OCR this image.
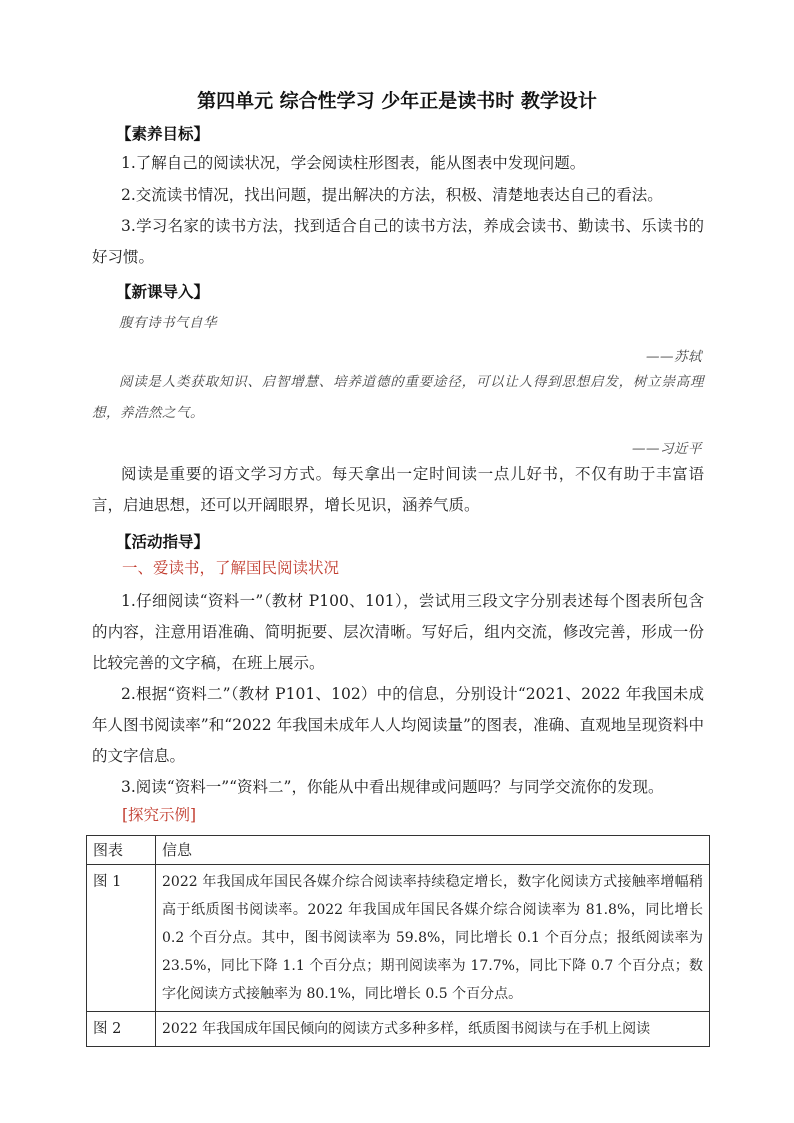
第四单元 综合性学习 少年正是读书时 教学设计
【素养目标】
1.了解自己的阅读状况，学会阅读柱形图表，能从图表中发现问题。
2.交流读书情况，找出问题，提出解决的方法，积极、清楚地表达自己的看法。
3.学习名家的读书方法，找到适合自己的读书方法，养成会读书、勤读书、乐读书的好习惯。
【新课导入】
腹有诗书气自华
——苏轼
阅读是人类获取知识、启智增慧、培养道德的重要途径，可以让人得到思想启发，树立崇高理想，养浩然之气。
——习近平
阅读是重要的语文学习方式。每天拿出一定时间读一点儿好书，不仅有助于丰富语言，启迪思想，还可以开阔眼界，增长见识，涵养气质。
【活动指导】
一、爱读书，了解国民阅读状况
1.仔细阅读“资料一”（教材 P100、101），尝试用三段文字分别表述每个图表所包含的内容，注意用语准确、简明扼要、层次清晰。写好后，组内交流，修改完善，形成一份比较完善的文字稿，在班上展示。
2.根据“资料二”（教材 P101、102）中的信息，分别设计“2021、2022 年我国未成年人图书阅读率”和“2022 年我国未成年人人均阅读量”的图表，准确、直观地呈现资料中的文字信息。
3.阅读“资料一”“资料二”，你能从中看出规律或问题吗？与同学交流你的发现。
[探究示例]
图表	信息
图 1	2022 年我国成年国民各媒介综合阅读率持续稳定增长，数字化阅读方式接触率增幅稍高于纸质图书阅读率。2022 年我国成年国民各媒介综合阅读率为 81.8%，同比增长 0.2 个百分点。其中，图书阅读率为 59.8%，同比增长 0.1 个百分点；报纸阅读率为 23.5%，同比下降 1.1 个百分点；期刊阅读率为 17.7%，同比下降 0.7 个百分点；数字化阅读方式接触率为 80.1%，同比增长 0.5 个百分点。
图 2	2022 年我国成年国民倾向的阅读方式多种多样，纸质图书阅读与在手机上阅读
